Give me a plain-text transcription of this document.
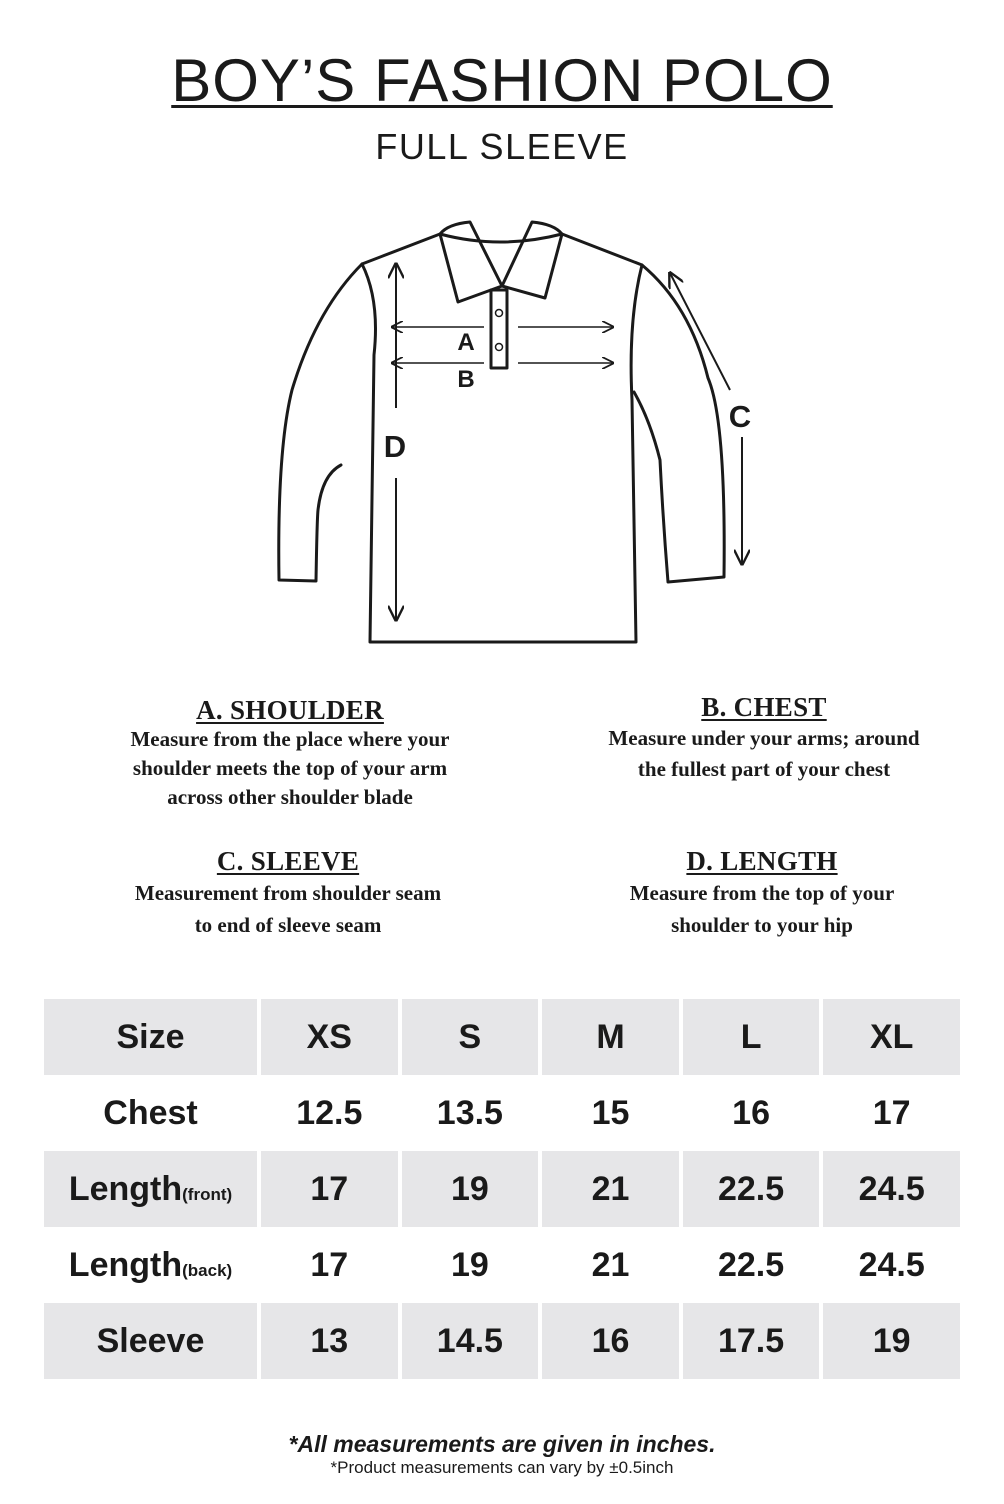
BOY’S FASHION POLO
FULL SLEEVE
A
B
C
D
A. SHOULDER

Measure from the place where your
shoulder meets the top of your arm
across other shoulder blade

B. CHEST

Measure under your arms; around
the fullest part of your chest

C. SLEEVE

Measurement from shoulder seam
to end of sleeve seam

D. LENGTH

Measure from the top of your
shoulder to your hip

Size	XS	S	M	L	XL
Chest	12.5	13.5	15	16	17
Length(front)	17	19	21	22.5	24.5
Length(back)	17	19	21	22.5	24.5
Sleeve	13	14.5	16	17.5	19
*All measurements are given in inches.
*Product measurements can vary by ±0.5inch
